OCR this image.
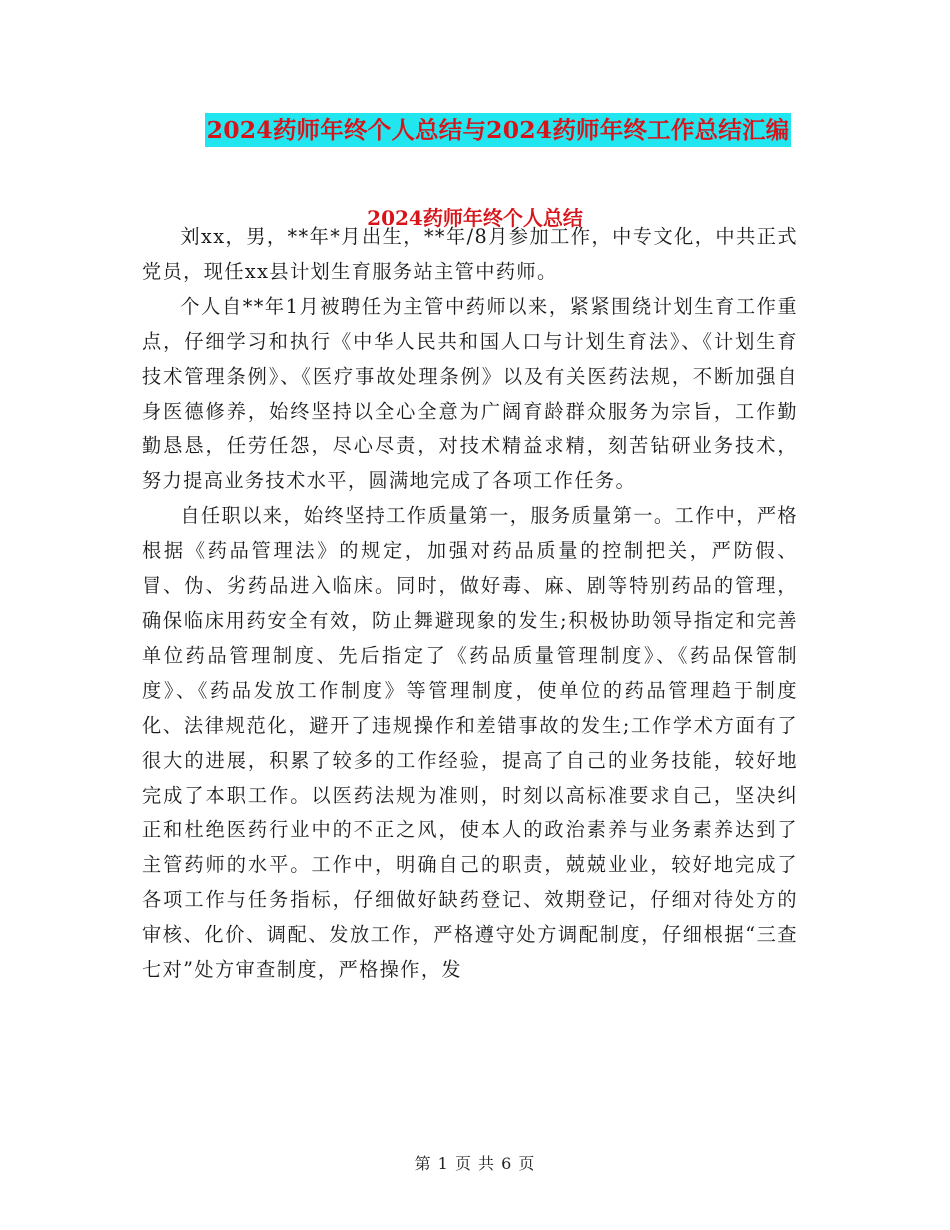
2024药师年终个人总结与2024药师年终工作总结汇编
2024药师年终个人总结

刘xx，男，**年*月出生，**年/8月参加工作，中专文化，中共正式党员，现任xx县计划生育服务站主管中药师。

个人自**年1月被聘任为主管中药师以来，紧紧围绕计划生育工作重点，仔细学习和执行《中华人民共和国人口与计划生育法》、《计划生育技术管理条例》、《医疗事故处理条例》以及有关医药法规，不断加强自身医德修养，始终坚持以全心全意为广阔育龄群众服务为宗旨，工作勤勤恳恳，任劳任怨，尽心尽责，对技术精益求精，刻苦钻研业务技术，努力提高业务技术水平，圆满地完成了各项工作任务。

自任职以来，始终坚持工作质量第一，服务质量第一。工作中，严格根据《药品管理法》的规定，加强对药品质量的控制把关，严防假、冒、伪、劣药品进入临床。同时，做好毒、麻、剧等特别药品的管理，确保临床用药安全有效，防止舞避现象的发生;积极协助领导指定和完善单位药品管理制度、先后指定了《药品质量管理制度》、《药品保管制度》、《药品发放工作制度》等管理制度，使单位的药品管理趋于制度化、法律规范化，避开了违规操作和差错事故的发生;工作学术方面有了很大的进展，积累了较多的工作经验，提高了自己的业务技能，较好地完成了本职工作。以医药法规为准则，时刻以高标准要求自己，坚决纠正和杜绝医药行业中的不正之风，使本人的政治素养与业务素养达到了主管药师的水平。工作中，明确自己的职责，兢兢业业，较好地完成了各项工作与任务指标，仔细做好缺药登记、效期登记，仔细对待处方的审核、化价、调配、发放工作，严格遵守处方调配制度，仔细根据“三查七对”处方审查制度，严格操作，发

第 1 页 共 6 页
